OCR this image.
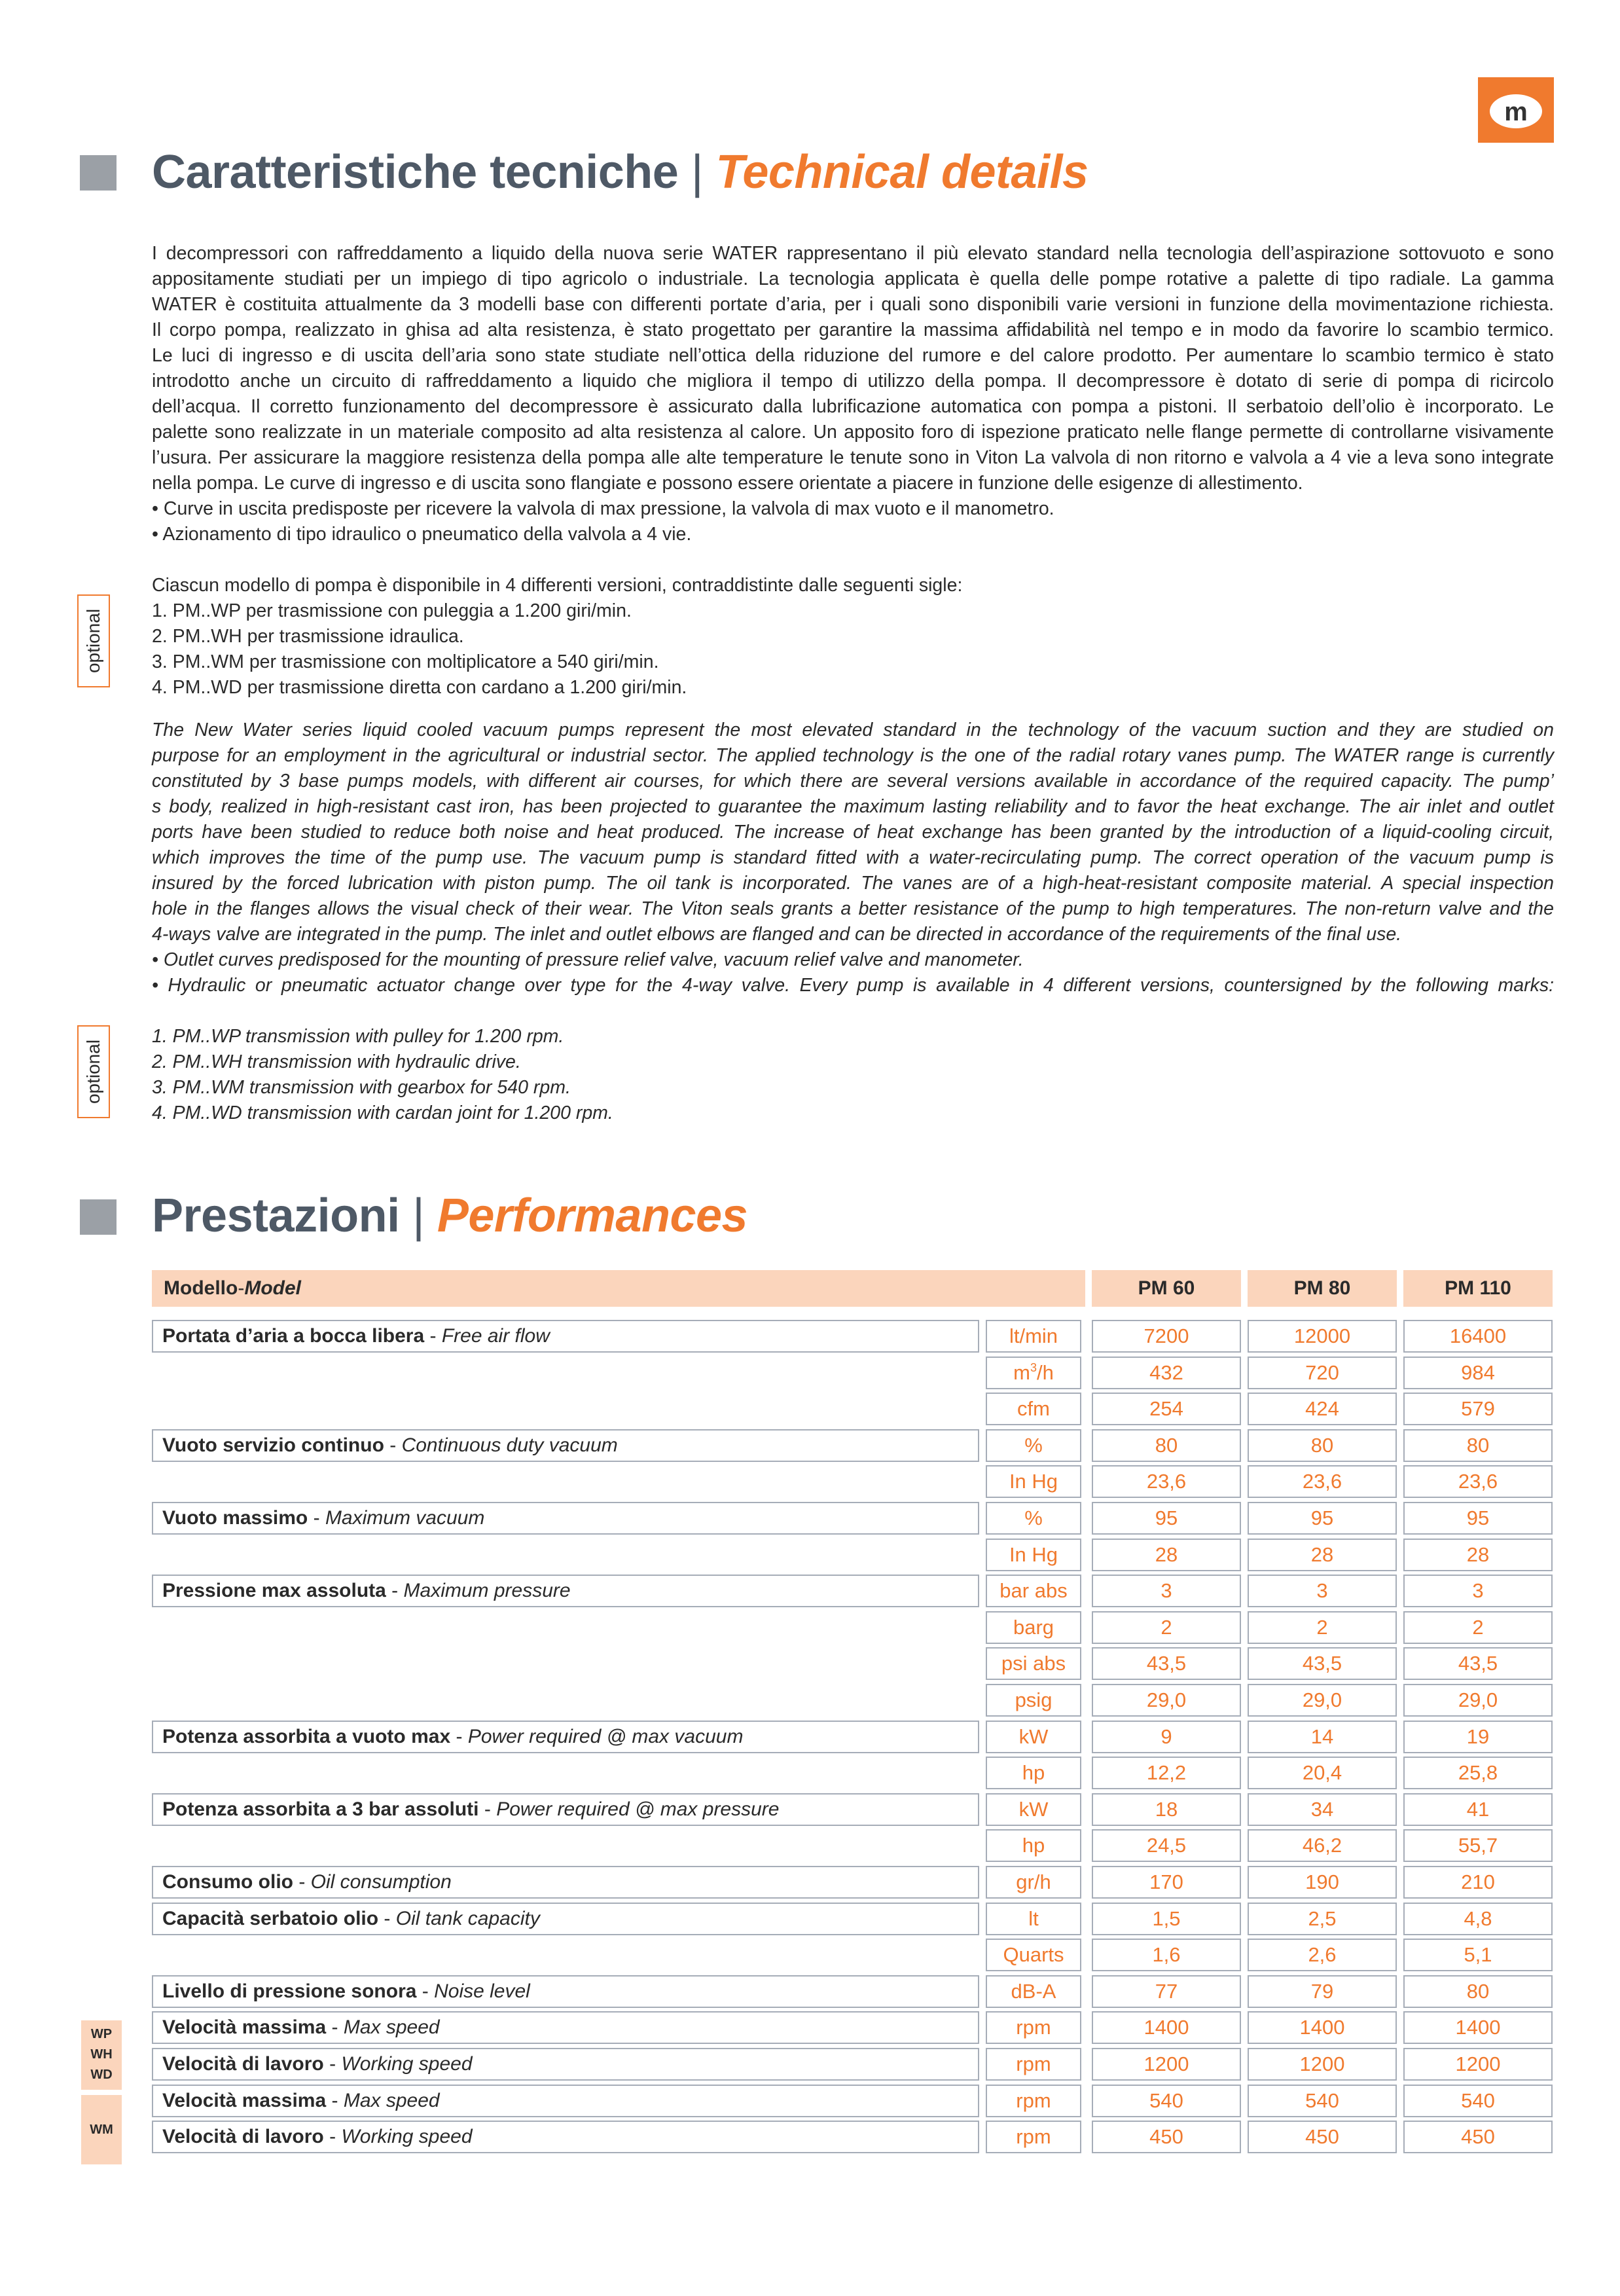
m
Caratteristiche tecniche | Technical details

I decompressori con raffreddamento a liquido della nuova serie WATER rappresentano il più elevato standard nella tecnologia dell’aspirazione sottovuoto e sono

appositamente studiati per un impiego di tipo agricolo o industriale. La tecnologia applicata è quella delle pompe rotative a palette di tipo radiale. La gamma

WATER è costituita attualmente da 3 modelli base con differenti portate d’aria, per i quali sono disponibili varie versioni in funzione della movimentazione richiesta.

Il corpo pompa, realizzato in ghisa ad alta resistenza, è stato progettato per garantire la massima affidabilità nel tempo e in modo da favorire lo scambio termico.

Le luci di ingresso e di uscita dell’aria sono state studiate nell’ottica della riduzione del rumore e del calore prodotto. Per aumentare lo scambio termico è stato

introdotto anche un circuito di raffreddamento a liquido che migliora il tempo di utilizzo della pompa. Il decompressore è dotato di serie di pompa di ricircolo

dell’acqua. Il corretto funzionamento del decompressore è assicurato dalla lubrificazione automatica con pompa a pistoni. Il serbatoio dell’olio è incorporato. Le

palette sono realizzate in un materiale composito ad alta resistenza al calore. Un apposito foro di ispezione praticato nelle flange permette di controllarne visivamente

l’usura. Per assicurare la maggiore resistenza della pompa alle alte temperature le tenute sono in Viton La valvola di non ritorno e valvola a 4 vie a leva sono integrate

nella pompa. Le curve di ingresso e di uscita sono flangiate e possono essere orientate a piacere in funzione delle esigenze di allestimento.

• Curve in uscita predisposte per ricevere la valvola di max pressione, la valvola di max vuoto e il manometro.

• Azionamento di tipo idraulico o pneumatico della valvola a 4 vie.

Ciascun modello di pompa è disponibile in 4 differenti versioni, contraddistinte dalle seguenti sigle:

1. PM..WP per trasmissione con puleggia a 1.200 giri/min.

2. PM..WH per trasmissione idraulica.

3. PM..WM per trasmissione con moltiplicatore a 540 giri/min.

4. PM..WD per trasmissione diretta con cardano a 1.200 giri/min.

optional

The New Water series liquid cooled vacuum pumps represent the most elevated standard in the technology of the vacuum suction and they are studied on

purpose for an employment in the agricultural or industrial sector. The applied technology is the one of the radial rotary vanes pump. The WATER range is currently

constituted by 3 base pumps models, with different air courses, for which there are several versions available in accordance of the required capacity. The pump’

s body, realized in high-resistant cast iron, has been projected to guarantee the maximum lasting reliability and to favor the heat exchange. The air inlet and outlet

ports have been studied to reduce both noise and heat produced. The increase of heat exchange has been granted by the introduction of a liquid-cooling circuit,

which improves the time of the pump use. The vacuum pump is standard fitted with a water-recirculating pump. The correct operation of the vacuum pump is

insured by the forced lubrication with piston pump. The oil tank is incorporated. The vanes are of a high-heat-resistant composite material. A special inspection

hole in the flanges allows the visual check of their wear. The Viton seals grants a better resistance of the pump to high temperatures. The non-return valve and the

4-ways valve are integrated in the pump. The inlet and outlet elbows are flanged and can be directed in accordance of the requirements of the final use.

• Outlet curves predisposed for the mounting of pressure relief valve, vacuum relief valve and manometer.

• Hydraulic or pneumatic actuator change over type for the 4-way valve. Every pump is available in 4 different versions, countersigned by the following marks:

1. PM..WP transmission with pulley for 1.200 rpm.

2. PM..WH transmission with hydraulic drive.

3. PM..WM transmission with gearbox for 540 rpm.

4. PM..WD transmission with cardan joint for 1.200 rpm.

optional
Prestazioni | Performances
Modello - Model	PM 60	PM 80	PM 110
Portata d’aria a bocca libera - Free air flow	lt/min	7200	12000	16400
$m^3/h$	432	720	984
cfm	254	424	579
Vuoto servizio continuo - Continuous duty vacuum	%	80	80	80
In Hg	23,6	23,6	23,6
Vuoto massimo - Maximum vacuum	%	95	95	95
In Hg	28	28	28
Pressione max assoluta - Maximum pressure	bar abs	3	3	3
barg	2	2	2
psi abs	43,5	43,5	43,5
psig	29,0	29,0	29,0
Potenza assorbita a vuoto max - Power required @ max vacuum	kW	9	14	19
hp	12,2	20,4	25,8
Potenza assorbita a 3 bar assoluti - Power required @ max pressure	kW	18	34	41
hp	24,5	46,2	55,7
Consumo olio - Oil consumption	gr/h	170	190	210
Capacità serbatoio olio - Oil tank capacity	lt	1,5	2,5	4,8
Quarts	1,6	2,6	5,1
Livello di pressione sonora - Noise level	dB-A	77	79	80
Velocità massima - Max speed	rpm	1400	1400	1400
Velocità di lavoro - Working speed	rpm	1200	1200	1200
Velocità massima - Max speed	rpm	540	540	540
Velocità di lavoro - Working speed	rpm	450	450	450
WP
WH
WD
WM
